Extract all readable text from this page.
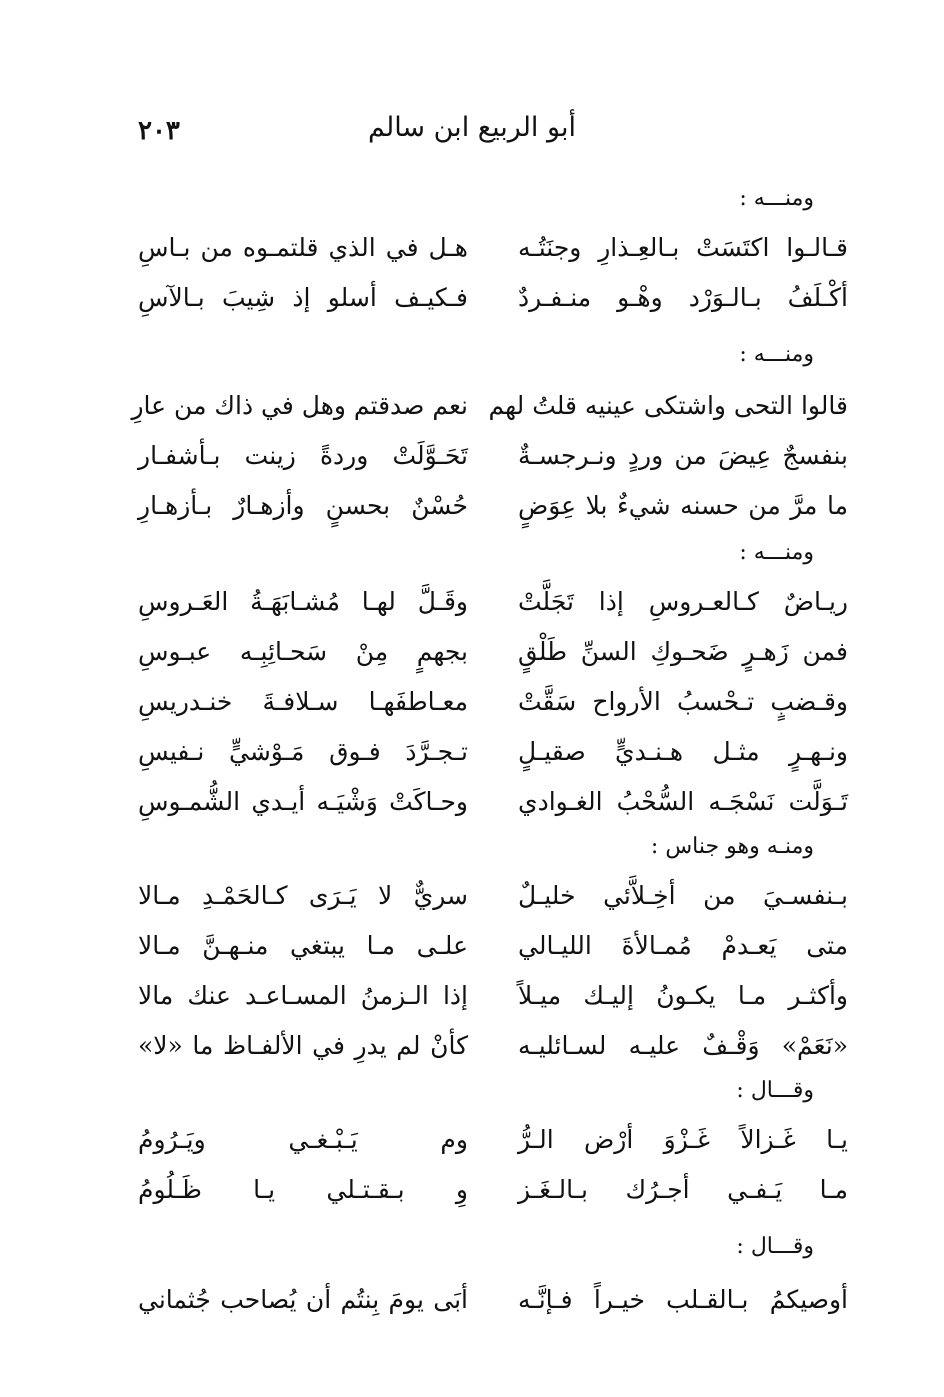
أبو الربيع ابن سالم
٢٠٣
ومنـــه :
قـالـوا اكتَسَتْ بـالعِـذارِ وجنَتُـه
هـل في الذي قلتمـوه من بـاسِ
أكْـلَفُ بـالـوَرْد وهْـو منـفـردٌ
فـكيـف أسلو إذ شِيبَ بـالآسِ
ومنـــه :
قالوا التحى واشتكى عينيه قلتُ لهم
نعم صدقتم وهل في ذاك من عارِ
بنفسجٌ عِيضَ من وردٍ ونـرجسـةٌ
تَحَـوَّلَتْ وردةً زينت بـأشفـار
ما مرَّ من حسنه شيءٌ بلا عِوَضٍ
حُسْنٌ بحسنٍ وأزهـارٌ بـأزهـارِ
ومنـــه :
ريـاضٌ كـالعـروسِ إذا تَجَلَّتْ
وقَـلَّ لهـا مُشـابَهَـةُ العَـروسِ
فمن زَهـرٍ ضَحـوكِ السنِّ طَلْقٍ
بجهمٍ مِنْ سَحـائِبِـه عبـوسِ
وقـضبٍ تـحْسبُ الأرواح سَقَّتْ
معـاطفَهـا سـلافـةَ خنـدريسِ
ونـهـرٍ مثـل هـنـديٍّ صقيـلٍ
تـجـرَّدَ فـوق مَـوْشيٍّ نـفيسِ
تَـوَلَّت نَسْجَـه السُّحْبُ الغـوادي
وحـاكَتْ وَشْيَـه أيـدي الشُّمـوسِ
ومنـه وهو جناس :
بـنفسـيَ من أخِـلاَّئي خليـلٌ
سريٌّ لا يَـرَى كـالحَمْـدِ مـالا
متى يَعـدمْ مُمـالأةَ الليـالي
علـى مـا يبتغي منـهـنَّ مـالا
وأكثـر مـا يكـونُ إليـك ميـلاً
إذا الـزمنُ المسـاعـد عنك مالا
«نَعَمْ» وَقْـفٌ عليـه لسـائليـه
كأنْ لم يدرِ في الألفـاظ ما «لا»
وقـــال :
يـا غَـزالاً غَـزْوَ أرْض الـرُّ
وم يَـبْـغـي ويَـرُومُ
مـا يَـفـي أجـرُك بـالـغَـز
وِ بـقـتـلي يـا ظَـلُومُ
وقـــال :
أوصيكمُ بـالقـلب خيـراً فـإنَّـه
أبَى يومَ بِنتُم أن يُصاحب جُثماني
